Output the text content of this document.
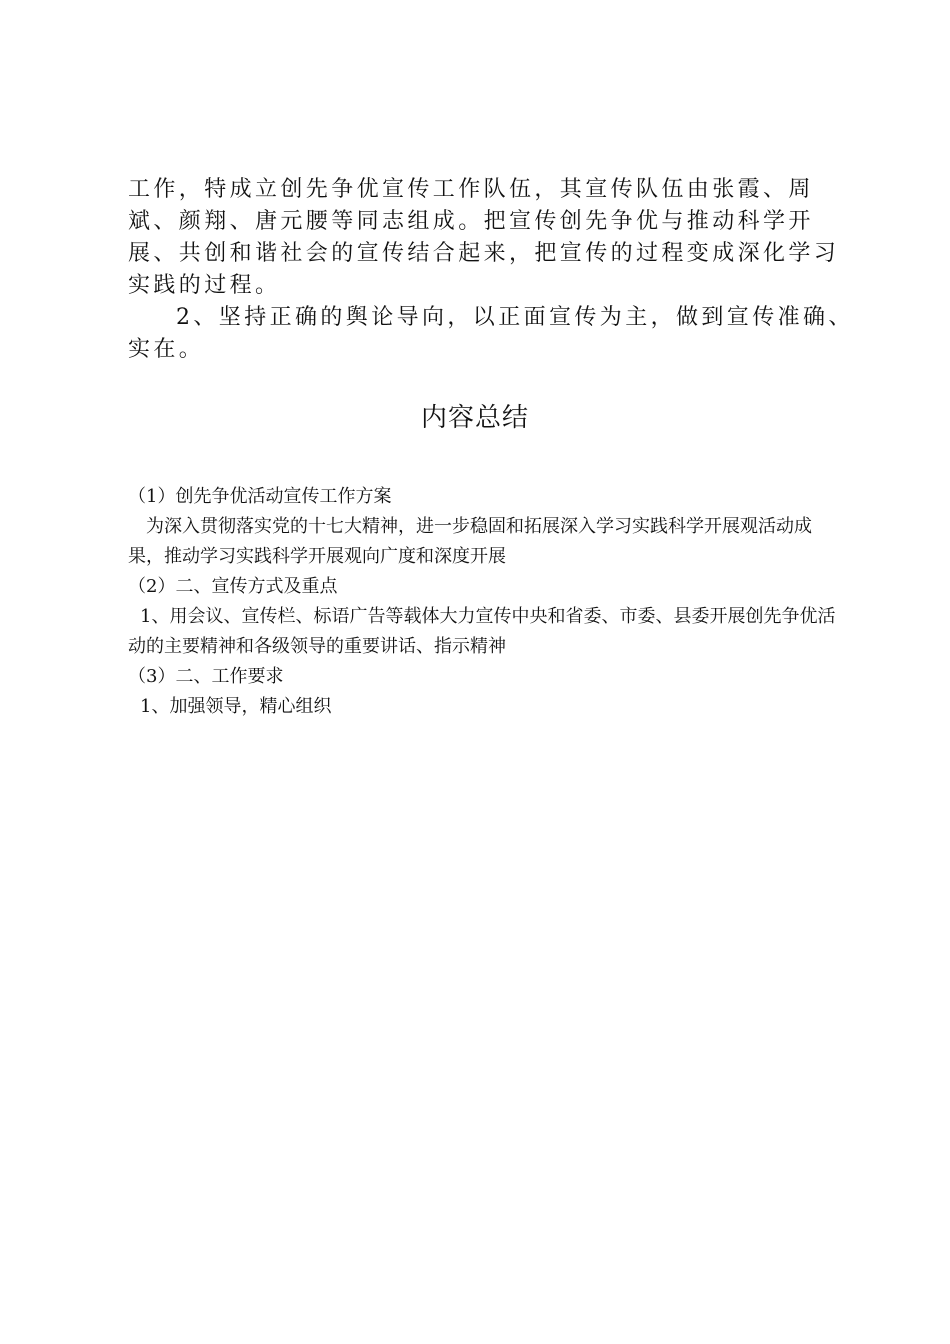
工作，特成立创先争优宣传工作队伍，其宣传队伍由张霞、周斌、颜翔、唐元腰等同志组成。把宣传创先争优与推动科学开展、共创和谐社会的宣传结合起来，把宣传的过程变成深化学习实践的过程。

2、坚持正确的舆论导向，以正面宣传为主，做到宣传准确、实在。

内容总结

（1）创先争优活动宣传工作方案

为深入贯彻落实党的十七大精神，进一步稳固和拓展深入学习实践科学开展观活动成果，推动学习实践科学开展观向广度和深度开展

（2）二、宣传方式及重点

1、用会议、宣传栏、标语广告等载体大力宣传中央和省委、市委、县委开展创先争优活动的主要精神和各级领导的重要讲话、指示精神

（3）二、工作要求

1、加强领导，精心组织
